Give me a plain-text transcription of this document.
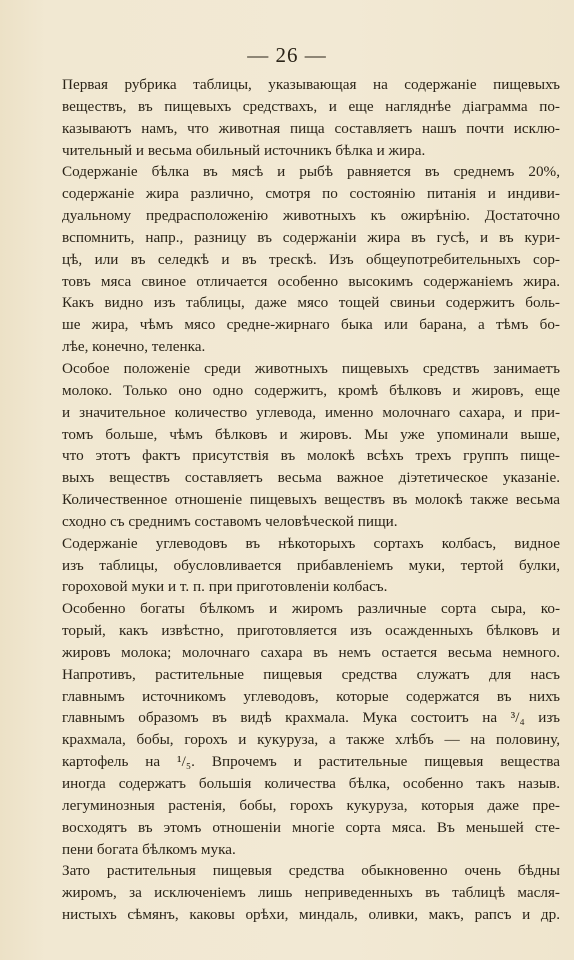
— 26 —
Первая рубрика таблицы, указывающая на содержаніе пищевыхъ
веществъ, въ пищевыхъ средствахъ, и еще нагляднѣе діаграмма по-
казываютъ намъ, что животная пища составляетъ нашъ почти исклю-
чительный и весьма обильный источникъ бѣлка и жира.
Содержаніе бѣлка въ мясѣ и рыбѣ равняется въ среднемъ 20%,
содержаніе жира различно, смотря по состоянію питанія и индиви-
дуальному предрасположенію животныхъ къ ожирѣнію. Достаточно
вспомнить, напр., разницу въ содержаніи жира въ гусѣ, и въ кури-
цѣ, или въ селедкѣ и въ трескѣ. Изъ общеупотребительныхъ сор-
товъ мяса свиное отличается особенно высокимъ содержаніемъ жира.
Какъ видно изъ таблицы, даже мясо тощей свиньи содержитъ боль-
ше жира, чѣмъ мясо средне-жирнаго быка или барана, а тѣмъ бо-
лѣе, конечно, теленка.
Особое положеніе среди животныхъ пищевыхъ средствъ занимаетъ
молоко. Только оно одно содержитъ, кромѣ бѣлковъ и жировъ, еще
и значительное количество углевода, именно молочнаго сахара, и при-
томъ больше, чѣмъ бѣлковъ и жировъ. Мы уже упоминали выше,
что этотъ фактъ присутствія въ молокѣ всѣхъ трехъ группъ пище-
выхъ веществъ составляетъ весьма важное діэтетическое указаніе.
Количественное отношеніе пищевыхъ веществъ въ молокѣ также весьма
сходно съ среднимъ составомъ человѣческой пищи.
Содержаніе углеводовъ въ нѣкоторыхъ сортахъ колбасъ, видное
изъ таблицы, обусловливается прибавленіемъ муки, тертой булки,
гороховой муки и т. п. при приготовленіи колбасъ.
Особенно богаты бѣлкомъ и жиромъ различные сорта сыра, ко-
торый, какъ извѣстно, приготовляется изъ осажденныхъ бѣлковъ и
жировъ молока; молочнаго сахара въ немъ остается весьма немного.
Напротивъ, растительные пищевыя средства служатъ для насъ
главнымъ источникомъ углеводовъ, которые содержатся въ нихъ
главнымъ образомъ въ видѣ крахмала. Мука состоитъ на ³/₄ изъ
крахмала, бобы, горохъ и кукуруза, а также хлѣбъ — на половину,
картофель на ¹/₅. Впрочемъ и растительные пищевыя вещества
иногда содержатъ большія количества бѣлка, особенно такъ назыв.
легуминозныя растенія, бобы, горохъ кукуруза, которыя даже пре-
восходятъ въ этомъ отношеніи многіе сорта мяса. Въ меньшей сте-
пени богата бѣлкомъ мука.
Зато растительныя пищевыя средства обыкновенно очень бѣдны
жиромъ, за исключеніемъ лишь неприведенныхъ въ таблицѣ масля-
нистыхъ сѣмянъ, каковы орѣхи, миндаль, оливки, макъ, рапсъ и др.
